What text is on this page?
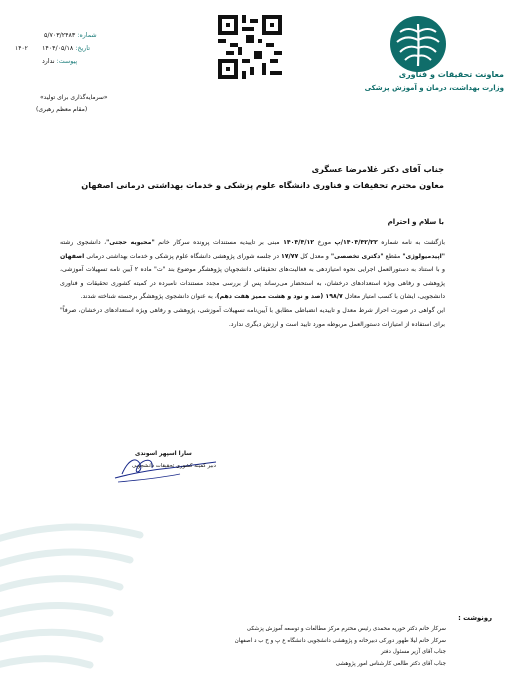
معاونت تحقیقات و فناوری
وزارت بهداشت، درمان و آموزش پزشکی
شماره: ۵/۷۰۳/۲۴۸۳
تاریخ: ۱۴۰۴/۰۵/۱۸
۱۴۰۲
پیوست: ندارد
«سرمایه‌گذاری برای تولید»
(مقام معظم رهبری)
جناب آقای دکتر غلامرضا عسگری
معاون محترم تحقیقات و فناوری دانشگاه علوم پزشکی و خدمات بهداشتی درمانی اصفهان
با سلام و احترام

بازگشت به نامه شماره ۱۴۰۴/۴۲/۲۲/پ مورخ ۱۴۰۴/۴/۱۲ مبنی بر تاییدیه مستندات پرونده سرکار خانم "محبوبه حجتی"، دانشجوی رشته "اپیدمیولوژی" مقطع "دکتری تخصصی" و معدل کل ۱۷/۷۷ در جلسه شورای پژوهشی دانشگاه علوم پزشکی و خدمات بهداشتی درمانی اصفهان و با استناد به دستورالعمل اجرایی نحوه امتیازدهی به فعالیت‌های تحقیقاتی دانشجویان پژوهشگر موضوع بند "ت" ماده ۲ آیین نامه تسهیلات آموزشی، پژوهشی و رفاهی ویژه استعدادهای درخشان، به استحضار می‌رساند پس از بررسی مجدد مستندات نامبرده در کمیته کشوری تحقیقات و فناوری دانشجویی، ایشان با کسب امتیاز معادل ۱۹۸/۷ (صد و نود و هشت ممیز هفت دهم)، به عنوان دانشجوی پژوهشگر برجسته شناخته شدند.

این گواهی در صورت احراز شرط معدل و تاییدیه انضباطی مطابق با آیین‌نامه تسهیلات آموزشی، پژوهشی و رفاهی ویژه استعدادهای درخشان، صرفاً" برای استفاده از امتیازات دستورالعمل مربوطه مورد تایید است و ارزش دیگری ندارد.

سارا اسپهر اسوندی
دبیر کمیته کشوری تحقیقات دانشجویی
رونوشت :
سرکار خانم دکتر حوریه محمدی رئیس محترم مرکز مطالعات و توسعه آموزش پزشکی
سرکار خانم لیلا طهور دورکی دبیرخانه و پژوهشی دانشجویی دانشگاه ع پ و خ ب د اصفهان
جناب آقای آزیر مسئول دفتر
جناب آقای دکتر طالعی کارشناس امور پژوهشی
